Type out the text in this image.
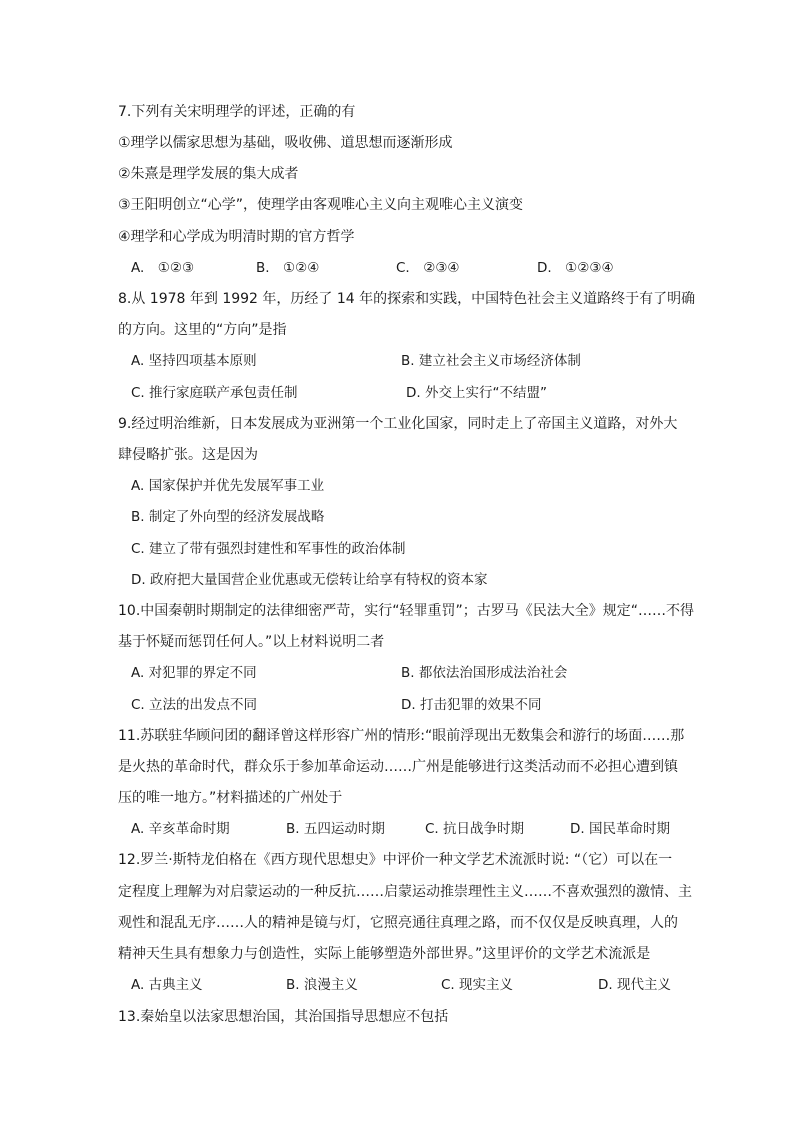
7.下列有关宋明理学的评述，正确的有
①理学以儒家思想为基础，吸收佛、道思想而逐渐形成
②朱熹是理学发展的集大成者
③王阳明创立“心学”，使理学由客观唯心主义向主观唯心主义演变
④理学和心学成为明清时期的官方哲学
A.　①②③	B.　①②④	C.　②③④	D.　①②③④
8.从 1978 年到 1992 年，历经了 14 年的探索和实践，中国特色社会主义道路终于有了明确
的方向。这里的“方向”是指
A. 坚持四项基本原则	B. 建立社会主义市场经济体制
C. 推行家庭联产承包责任制	D. 外交上实行“不结盟”
9.经过明治维新，日本发展成为亚洲第一个工业化国家，同时走上了帝国主义道路，对外大
肆侵略扩张。这是因为
A. 国家保护并优先发展军事工业
B. 制定了外向型的经济发展战略
C. 建立了带有强烈封建性和军事性的政治体制
D. 政府把大量国营企业优惠或无偿转让给享有特权的资本家
10.中国秦朝时期制定的法律细密严苛，实行“轻罪重罚”；古罗马《民法大全》规定“……不得
基于怀疑而惩罚任何人。”以上材料说明二者
A. 对犯罪的界定不同	B. 都依法治国形成法治社会
C. 立法的出发点不同	D. 打击犯罪的效果不同
11.苏联驻华顾问团的翻译曾这样形容广州的情形:“眼前浮现出无数集会和游行的场面……那
是火热的革命时代，群众乐于参加革命运动……广州是能够进行这类活动而不必担心遭到镇
压的唯一地方。”材料描述的广州处于
A. 辛亥革命时期	B. 五四运动时期	C. 抗日战争时期	D. 国民革命时期
12.罗兰·斯特龙伯格在《西方现代思想史》中评价一种文学艺术流派时说: “（它）可以在一
定程度上理解为对启蒙运动的一种反抗……启蒙运动推崇理性主义……不喜欢强烈的激情、主
观性和混乱无序……人的精神是镜与灯，它照亮通往真理之路，而不仅仅是反映真理，人的
精神天生具有想象力与创造性，实际上能够塑造外部世界。”这里评价的文学艺术流派是
A. 古典主义	B. 浪漫主义	C. 现实主义	D. 现代主义
13.秦始皇以法家思想治国，其治国指导思想应不包括
